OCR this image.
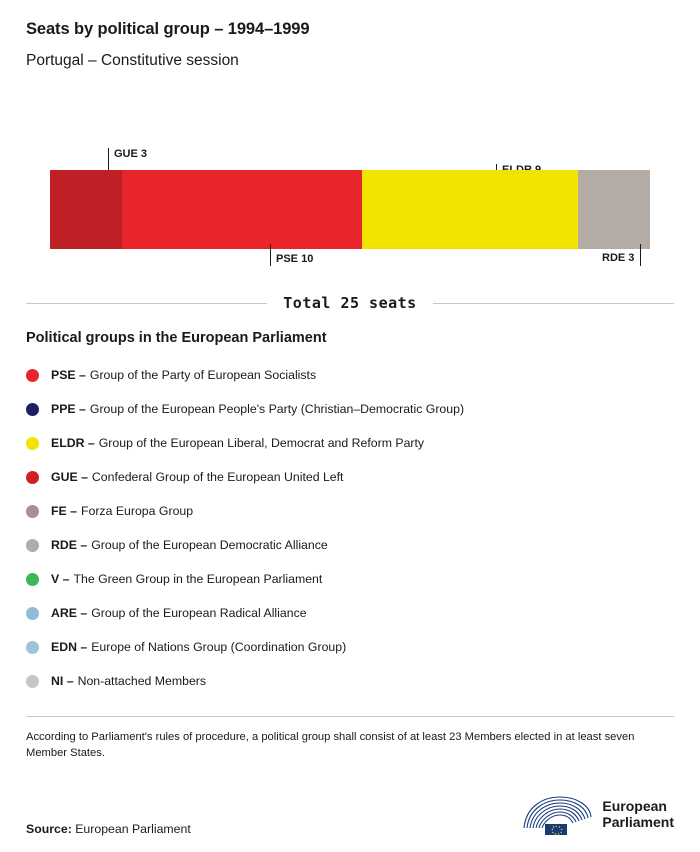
Seats by political group – 1994–1999
Portugal – Constitutive session
GUE 3
PSE 10	RDE 3
Total 25 seats
Political groups in the European Parliament
PSE – Group of the Party of European Socialists
PPE – Group of the European People's Party (Christian–Democratic Group)
ELDR – Group of the European Liberal, Democrat and Reform Party
GUE – Confederal Group of the European United Left
FE – Forza Europa Group
RDE – Group of the European Democratic Alliance
V – The Green Group in the European Parliament
ARE – Group of the European Radical Alliance
EDN – Europe of Nations Group (Coordination Group)
NI – Non-attached Members

According to Parliament's rules of procedure, a political group shall consist of at least 23 Members elected in at least seven Member States.

Source: European Parliament
European
Parliament
